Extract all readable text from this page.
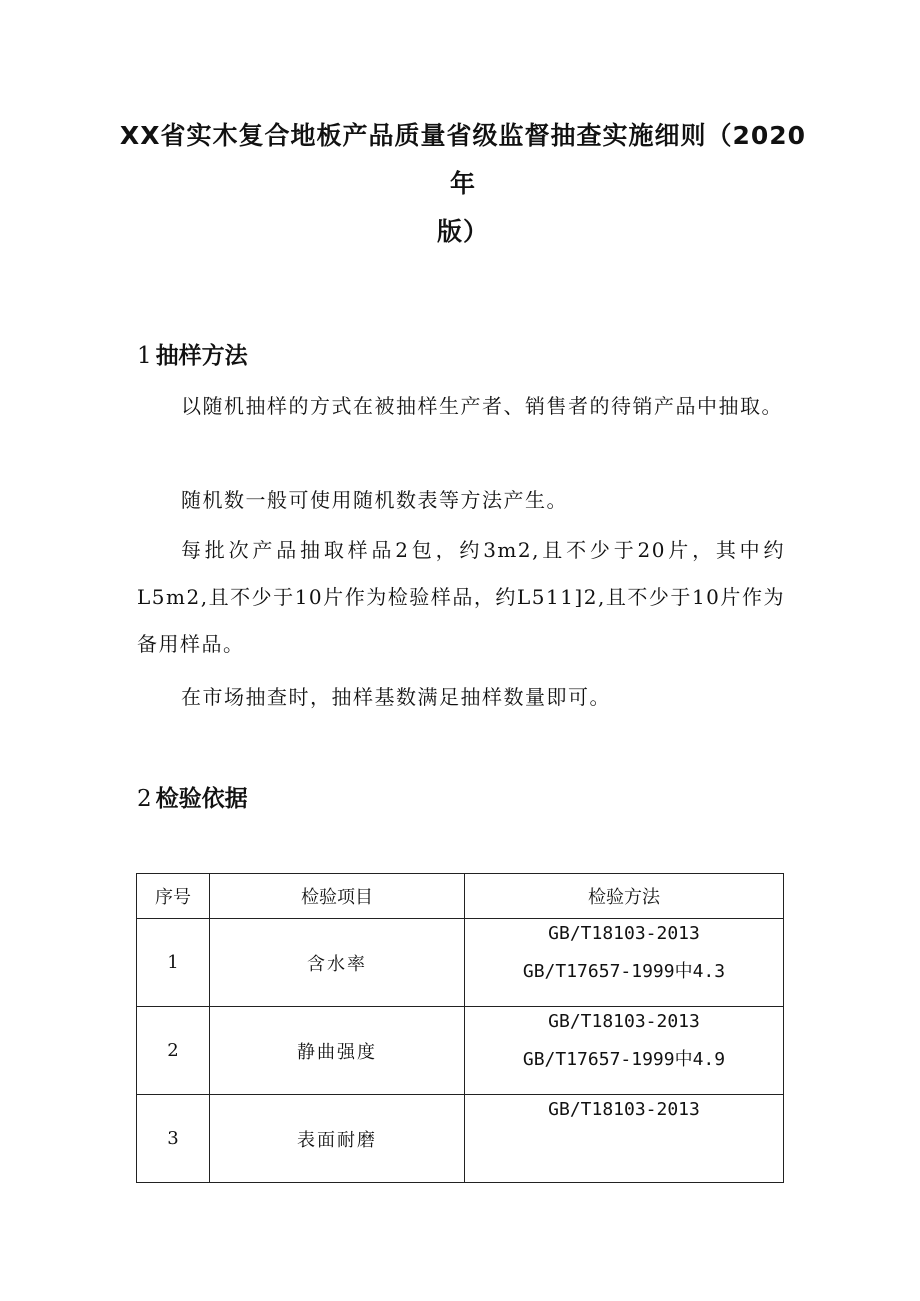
XX省实木复合地板产品质量省级监督抽查实施细则（2020年
版）
1 抽样方法

以随机抽样的方式在被抽样生产者、销售者的待销产品中抽取。

随机数一般可使用随机数表等方法产生。

每批次产品抽取样品2包，约3m2,且不少于20片，其中约L5m2,且不少于10片作为检验样品，约L511]2,且不少于10片作为备用样品。

在市场抽查时，抽样基数满足抽样数量即可。

2 检验依据
序号	检验项目	检验方法
1	含水率	GB/T18103-2013
GB/T17657-1999中4.3

2	静曲强度	GB/T18103-2013
GB/T17657-1999中4.9

3	表面耐磨	GB/T18103-2013
